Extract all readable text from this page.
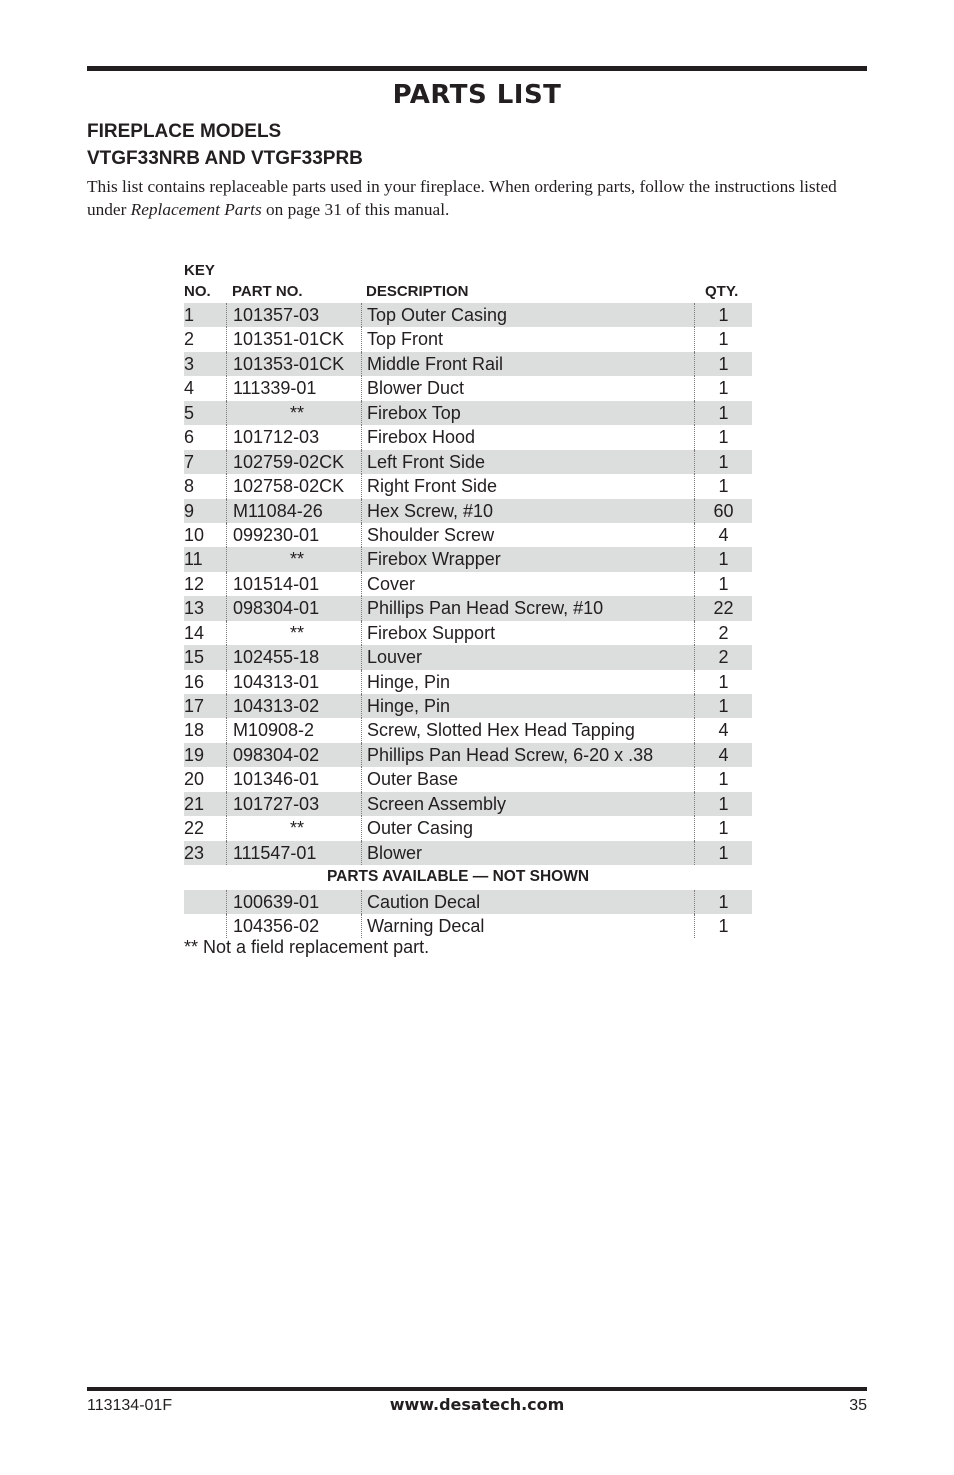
PARTS LIST
FIREPLACE MODELS
VTGF33NRB AND VTGF33PRB
This list contains replaceable parts used in your fireplace. When ordering parts, follow the instructions listed under Replacement Parts on page 31 of this manual.
KEY
NO. PART NO.	DESCRIPTION	QTY.
1	101357-03	Top Outer Casing	1
2	101351-01CK	Top Front	1
3	101353-01CK	Middle Front Rail	1
4	111339-01	Blower Duct	1
5	**	Firebox Top	1
6	101712-03	Firebox Hood	1
7	102759-02CK	Left Front Side	1
8	102758-02CK	Right Front Side	1
9	M11084-26	Hex Screw, #10	60
10	099230-01	Shoulder Screw	4
11	**	Firebox Wrapper	1
12	101514-01	Cover	1
13	098304-01	Phillips Pan Head Screw, #10	22
14	**	Firebox Support	2
15	102455-18	Louver	2
16	104313-01	Hinge, Pin	1
17	104313-02	Hinge, Pin	1
18	M10908-2	Screw, Slotted Hex Head Tapping	4
19	098304-02	Phillips Pan Head Screw, 6-20 x .38	4
20	101346-01	Outer Base	1
21	101727-03	Screen Assembly	1
22	**	Outer Casing	1
23	111547-01	Blower	1
PARTS AVAILABLE — NOT SHOWN
100639-01	Caution Decal	1
104356-02	Warning Decal	1
** Not a field replacement part.
113134-01F	www.desatech.com	35
